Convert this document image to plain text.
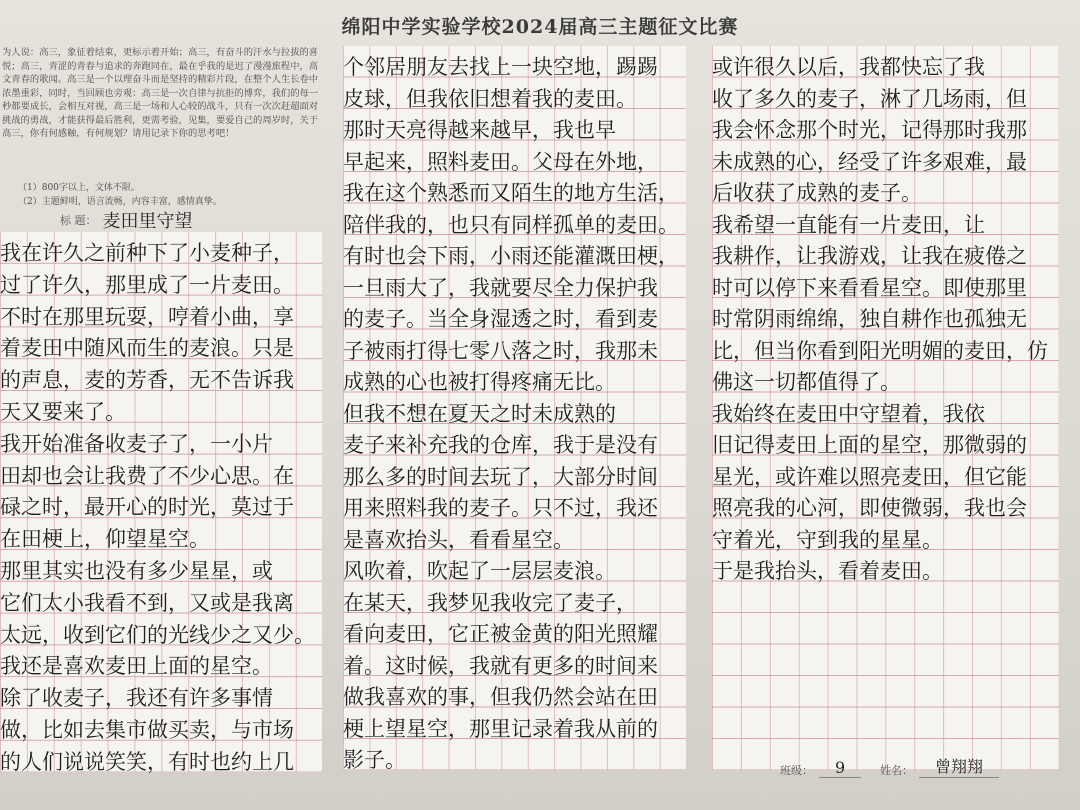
绵阳中学实验学校2024届高三主题征文比赛
为人说：高三，象征着结束，更标示着开始；高三，有奋斗的汗水与拉拔的喜悦；高三，青涩的青春与追求的奔跑同在，最在乎我的是迟了漫漫旅程中，高文青春的歌闻。高三是一个以理奋斗而是坚持的精彩片段，在整个人生长卷中浓墨重彩，同时，当回顾也旁观：高三是一次自律与抗拒的博弈，我们的每一秒都要成长，会相互对视，高三是一场和人心较的战斗，只有一次次赶超面对挑战的勇战，才能获得最后胜利，更需考验，见集，要爱自己的周岁时，关于高三，你有何感触，有何规划？请用记录下你的思考吧！
（1）800字以上，文体不限。
（2）主题鲜明，语言流畅，内容丰富，感情真挚。
标 题： 麦田里守望
我在许久之前种下了小麦种子，
过了许久，那里成了一片麦田。
不时在那里玩耍，哼着小曲，享
着麦田中随风而生的麦浪。只是
的声息，麦的芳香，无不告诉我
天又要来了。
我开始准备收麦子了，一小片
田却也会让我费了不少心思。在
碌之时，最开心的时光，莫过于
在田梗上，仰望星空。
那里其实也没有多少星星，或
它们太小我看不到，又或是我离
太远，收到它们的光线少之又少。
我还是喜欢麦田上面的星空。
除了收麦子，我还有许多事情
做，比如去集市做买卖，与市场
的人们说说笑笑，有时也约上几
个邻居朋友去找上一块空地，踢踢
皮球，但我依旧想着我的麦田。
那时天亮得越来越早，我也早
早起来，照料麦田。父母在外地，
我在这个熟悉而又陌生的地方生活，
陪伴我的，也只有同样孤单的麦田。
有时也会下雨，小雨还能灌溉田梗，
一旦雨大了，我就要尽全力保护我
的麦子。当全身湿透之时，看到麦
子被雨打得七零八落之时，我那未
成熟的心也被打得疼痛无比。
但我不想在夏天之时未成熟的
麦子来补充我的仓库，我于是没有
那么多的时间去玩了，大部分时间
用来照料我的麦子。只不过，我还
是喜欢抬头，看看星空。
风吹着，吹起了一层层麦浪。
在某天，我梦见我收完了麦子，
看向麦田，它正被金黄的阳光照耀
着。这时候，我就有更多的时间来
做我喜欢的事，但我仍然会站在田
梗上望星空，那里记录着我从前的
影子。
或许很久以后，我都快忘了我
收了多久的麦子，淋了几场雨，但
我会怀念那个时光，记得那时我那
未成熟的心，经受了许多艰难，最
后收获了成熟的麦子。
我希望一直能有一片麦田，让
我耕作，让我游戏，让我在疲倦之
时可以停下来看看星空。即使那里
时常阴雨绵绵，独自耕作也孤独无
比，但当你看到阳光明媚的麦田，仿
佛这一切都值得了。
我始终在麦田中守望着，我依
旧记得麦田上面的星空，那微弱的
星光，或许难以照亮麦田，但它能
照亮我的心河，即使微弱，我也会
守着光，守到我的星星。
于是我抬头，看着麦田。
班级：	9	姓名：	曾翔翔
